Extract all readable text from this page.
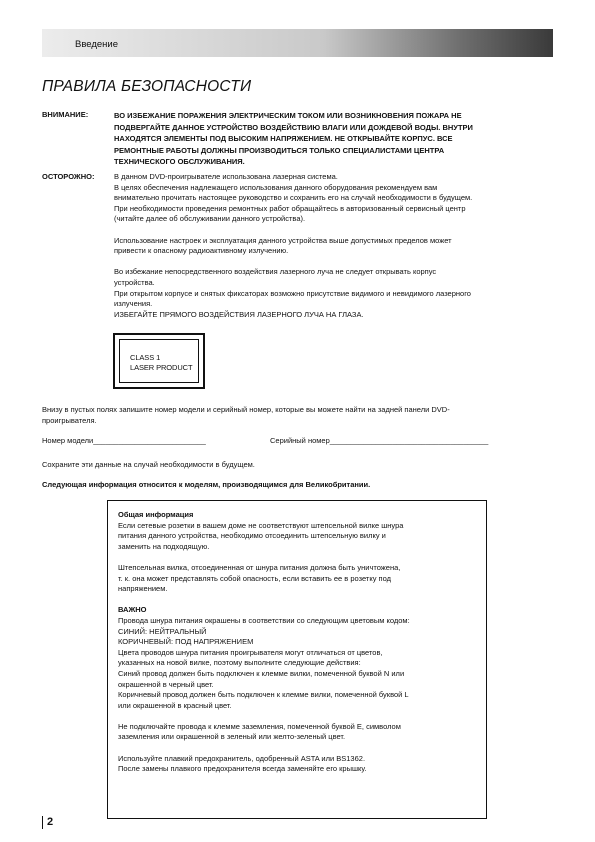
Введение
ПРАВИЛА БЕЗОПАСНОСТИ
ВНИМАНИЕ:	ВО ИЗБЕЖАНИЕ ПОРАЖЕНИЯ ЭЛЕКТРИЧЕСКИМ ТОКОМ ИЛИ ВОЗНИКНОВЕНИЯ ПОЖАРА НЕ
ПОДВЕРГАЙТЕ ДАННОЕ УСТРОЙСТВО ВОЗДЕЙСТВИЮ ВЛАГИ ИЛИ ДОЖДЕВОЙ ВОДЫ. ВНУТРИ
НАХОДЯТСЯ ЭЛЕМЕНТЫ ПОД ВЫСОКИМ НАПРЯЖЕНИЕМ. НЕ ОТКРЫВАЙТЕ КОРПУС. ВСЕ
РЕМОНТНЫЕ РАБОТЫ ДОЛЖНЫ ПРОИЗВОДИТЬСЯ ТОЛЬКО СПЕЦИАЛИСТАМИ ЦЕНТРА
ТЕХНИЧЕСКОГО ОБСЛУЖИВАНИЯ.
ОСТОРОЖНО:	В данном DVD-проигрывателе использована лазерная система.

В целях обеспечения надлежащего использования данного оборудования рекомендуем вам

внимательно прочитать настоящее руководство и сохранить его на случай необходимости в будущем.

При необходимости проведения ремонтных работ обращайтесь в авторизованный сервисный центр

(читайте далее об обслуживании данного устройства).

Использование настроек и эксплуатация данного устройства выше допустимых пределов может

привести к опасному радиоактивному излучению.

Во избежание непосредственного воздействия лазерного луча не следует открывать корпус

устройства.

При открытом корпусе и снятых фиксаторах возможно присутствие видимого и невидимого лазерного

излучения.

ИЗБЕГАЙТЕ ПРЯМОГО ВОЗДЕЙСТВИЯ ЛАЗЕРНОГО ЛУЧА НА ГЛАЗА.

CLASS 1
LASER PRODUCT
Внизу в пустых полях запишите номер модели и серийный номер, которые вы можете найти на задней панели DVD-
проигрывателя.
Номер модели___________________________	Серийный номер______________________________________
Сохраните эти данные на случай необходимости в будущем.
Следующая информация относится к моделям, производящимся для Великобритании.

Общая информация

Если сетевые розетки в вашем доме не соответствуют штепсельной вилке шнура

питания данного устройства, необходимо отсоединить штепсельную вилку и

заменить на подходящую.

Штепсельная вилка, отсоединенная от шнура питания должна быть уничтожена,

т. к. она может представлять собой опасность, если вставить ее в розетку под

напряжением.

ВАЖНО

Провода шнура питания окрашены в соответствии со следующим цветовым кодом:

СИНИЙ: НЕЙТРАЛЬНЫЙ

КОРИЧНЕВЫЙ: ПОД НАПРЯЖЕНИЕМ

Цвета проводов шнура питания проигрывателя могут отличаться от цветов,

указанных на новой вилке, поэтому выполните следующие действия:

Синий провод должен быть подключен к клемме вилки, помеченной буквой N или

окрашенной в черный цвет.

Коричневый провод должен быть подключен к клемме вилки, помеченной буквой L

или окрашенной в красный цвет.

Не подключайте провода к клемме заземления, помеченной буквой E, символом

заземления или окрашенной в зеленый или желто-зеленый цвет.

Используйте плавкий предохранитель, одобренный ASTA или BS1362.

После замены плавкого предохранителя всегда заменяйте его крышку.

2
